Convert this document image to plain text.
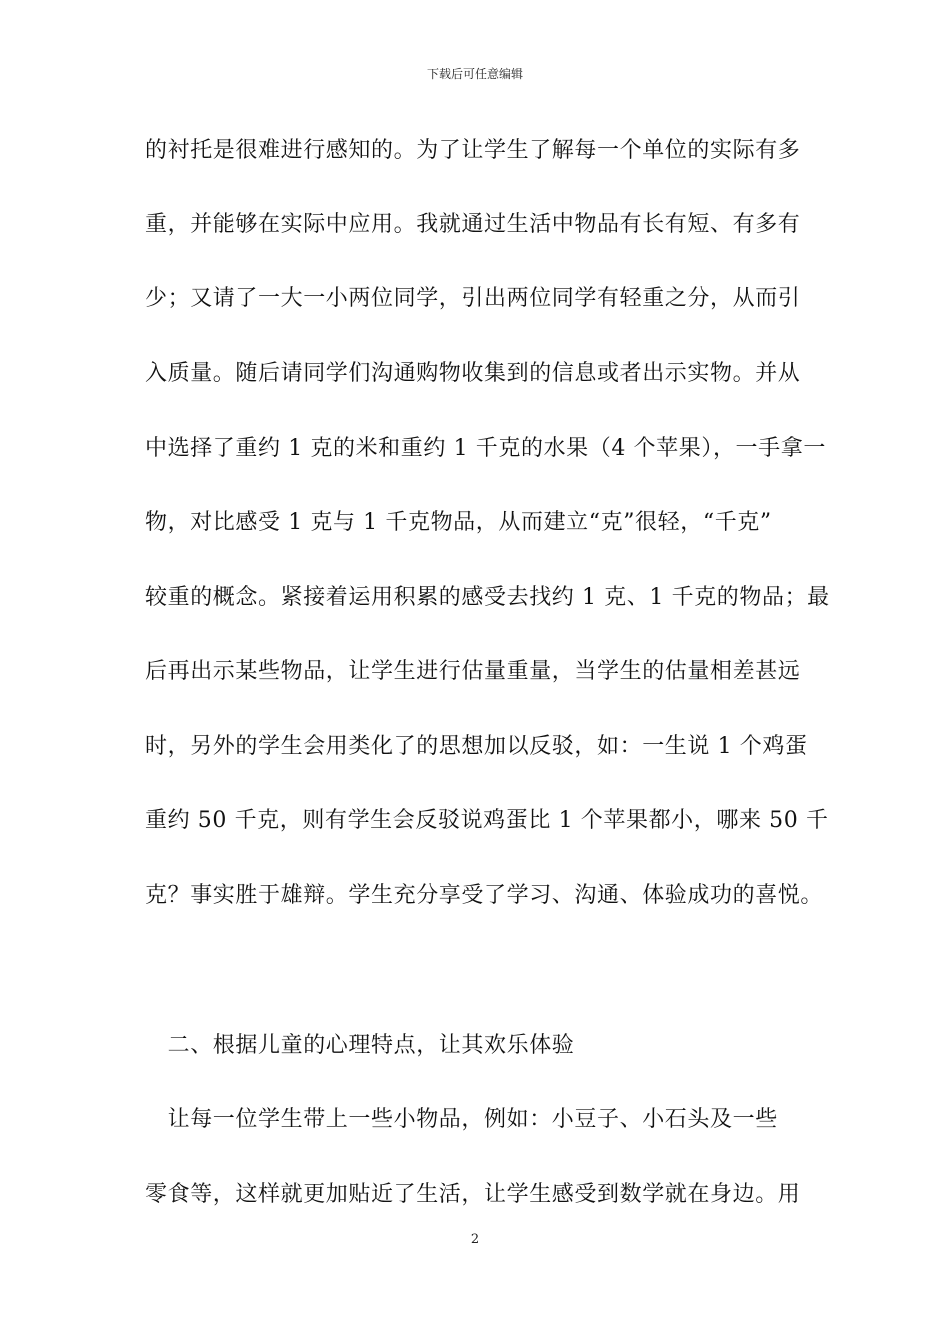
下载后可任意编辑
的衬托是很难进行感知的。为了让学生了解每一个单位的实际有多
重，并能够在实际中应用。我就通过生活中物品有长有短、有多有
少；又请了一大一小两位同学，引出两位同学有轻重之分，从而引
入质量。随后请同学们沟通购物收集到的信息或者出示实物。并从
中选择了重约 1 克的米和重约 1 千克的水果（4 个苹果），一手拿一
物，对比感受 1 克与 1 千克物品，从而建立“克”很轻，“千克”
较重的概念。紧接着运用积累的感受去找约 1 克、1 千克的物品；最
后再出示某些物品，让学生进行估量重量，当学生的估量相差甚远
时，另外的学生会用类化了的思想加以反驳，如：一生说 1 个鸡蛋
重约 50 千克，则有学生会反驳说鸡蛋比 1 个苹果都小，哪来 50 千
克？事实胜于雄辩。学生充分享受了学习、沟通、体验成功的喜悦。
　二、根据儿童的心理特点，让其欢乐体验
　让每一位学生带上一些小物品，例如：小豆子、小石头及一些
零食等，这样就更加贴近了生活，让学生感受到数学就在身边。用
2
